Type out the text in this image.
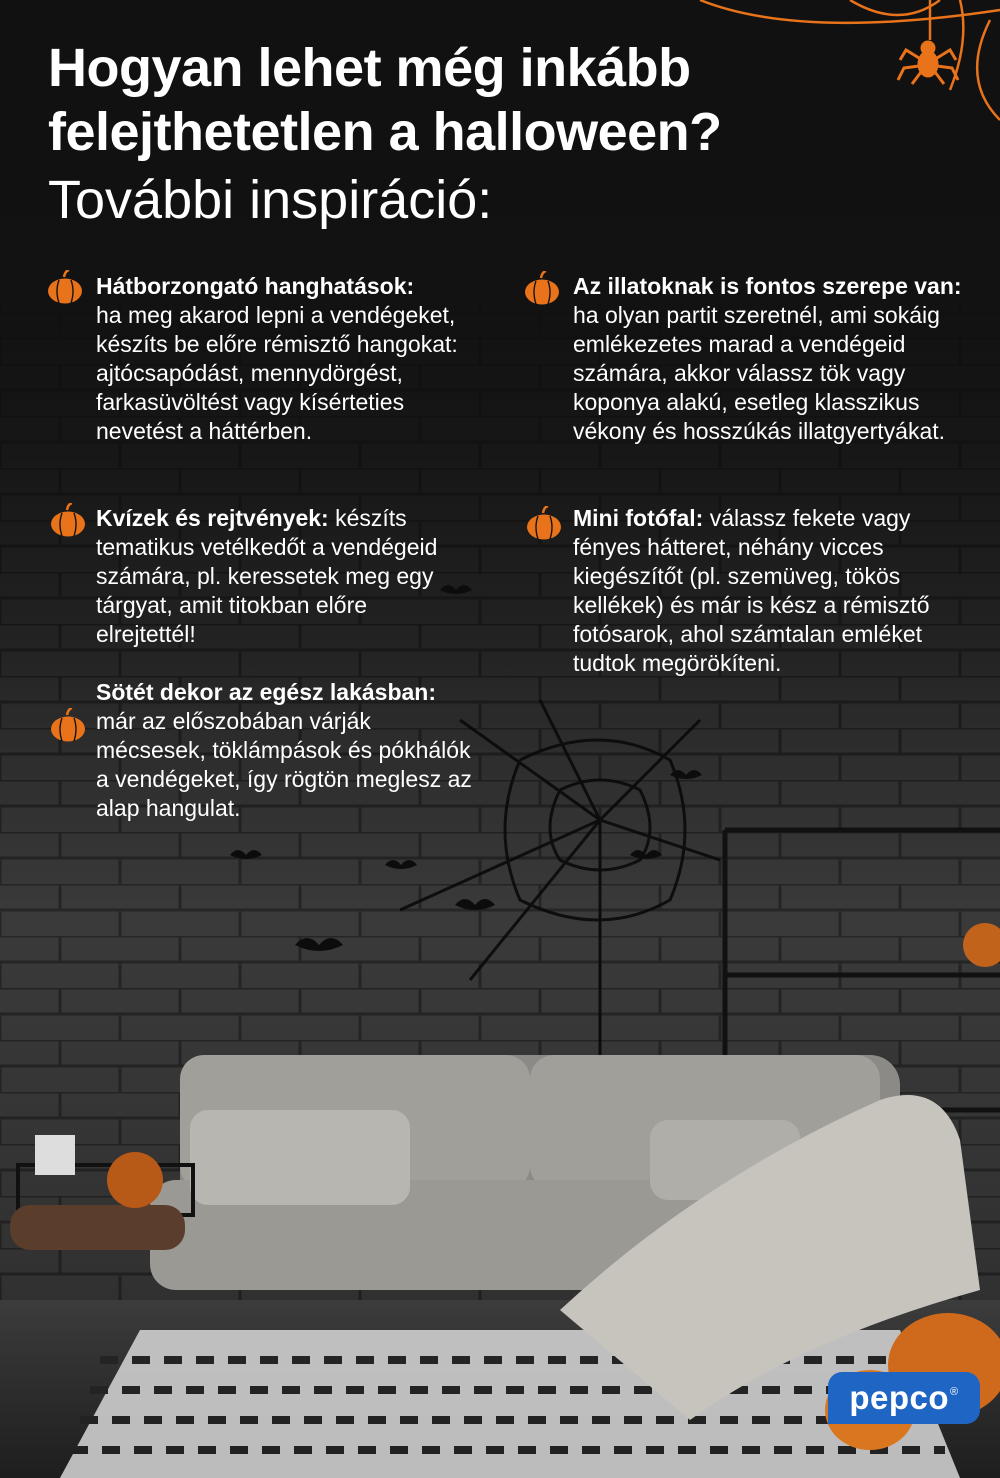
Hogyan lehet még inkább felejthetetlen a halloween?
További inspiráció:
Hátborzongató hanghatások:
ha meg akarod lepni a vendégeket, készíts be előre rémisztő hangokat: ajtócsapódást, mennydörgést, farkasüvöltést vagy kísérteties nevetést a háttérben.
Kvízek és rejtvények: készíts tematikus vetélkedőt a vendégeid számára, pl. keressetek meg egy tárgyat, amit titokban előre elrejtettél!
Sötét dekor az egész lakásban:
már az előszobában várják mécsesek, töklámpások és pókhálók a vendégeket, így rögtön meglesz az alap hangulat.
Az illatoknak is fontos szerepe van: ha olyan partit szeretnél, ami sokáig emlékezetes marad a vendégeid számára, akkor válassz tök vagy koponya alakú, esetleg klasszikus vékony és hosszúkás illatgyertyákat.
Mini fotófal: válassz fekete vagy fényes hátteret, néhány vicces kiegészítőt (pl. szemüveg, tökös kellékek) és már is kész a rémisztő fotósarok, ahol számtalan emléket tudtok megörökíteni.
pepco ®
